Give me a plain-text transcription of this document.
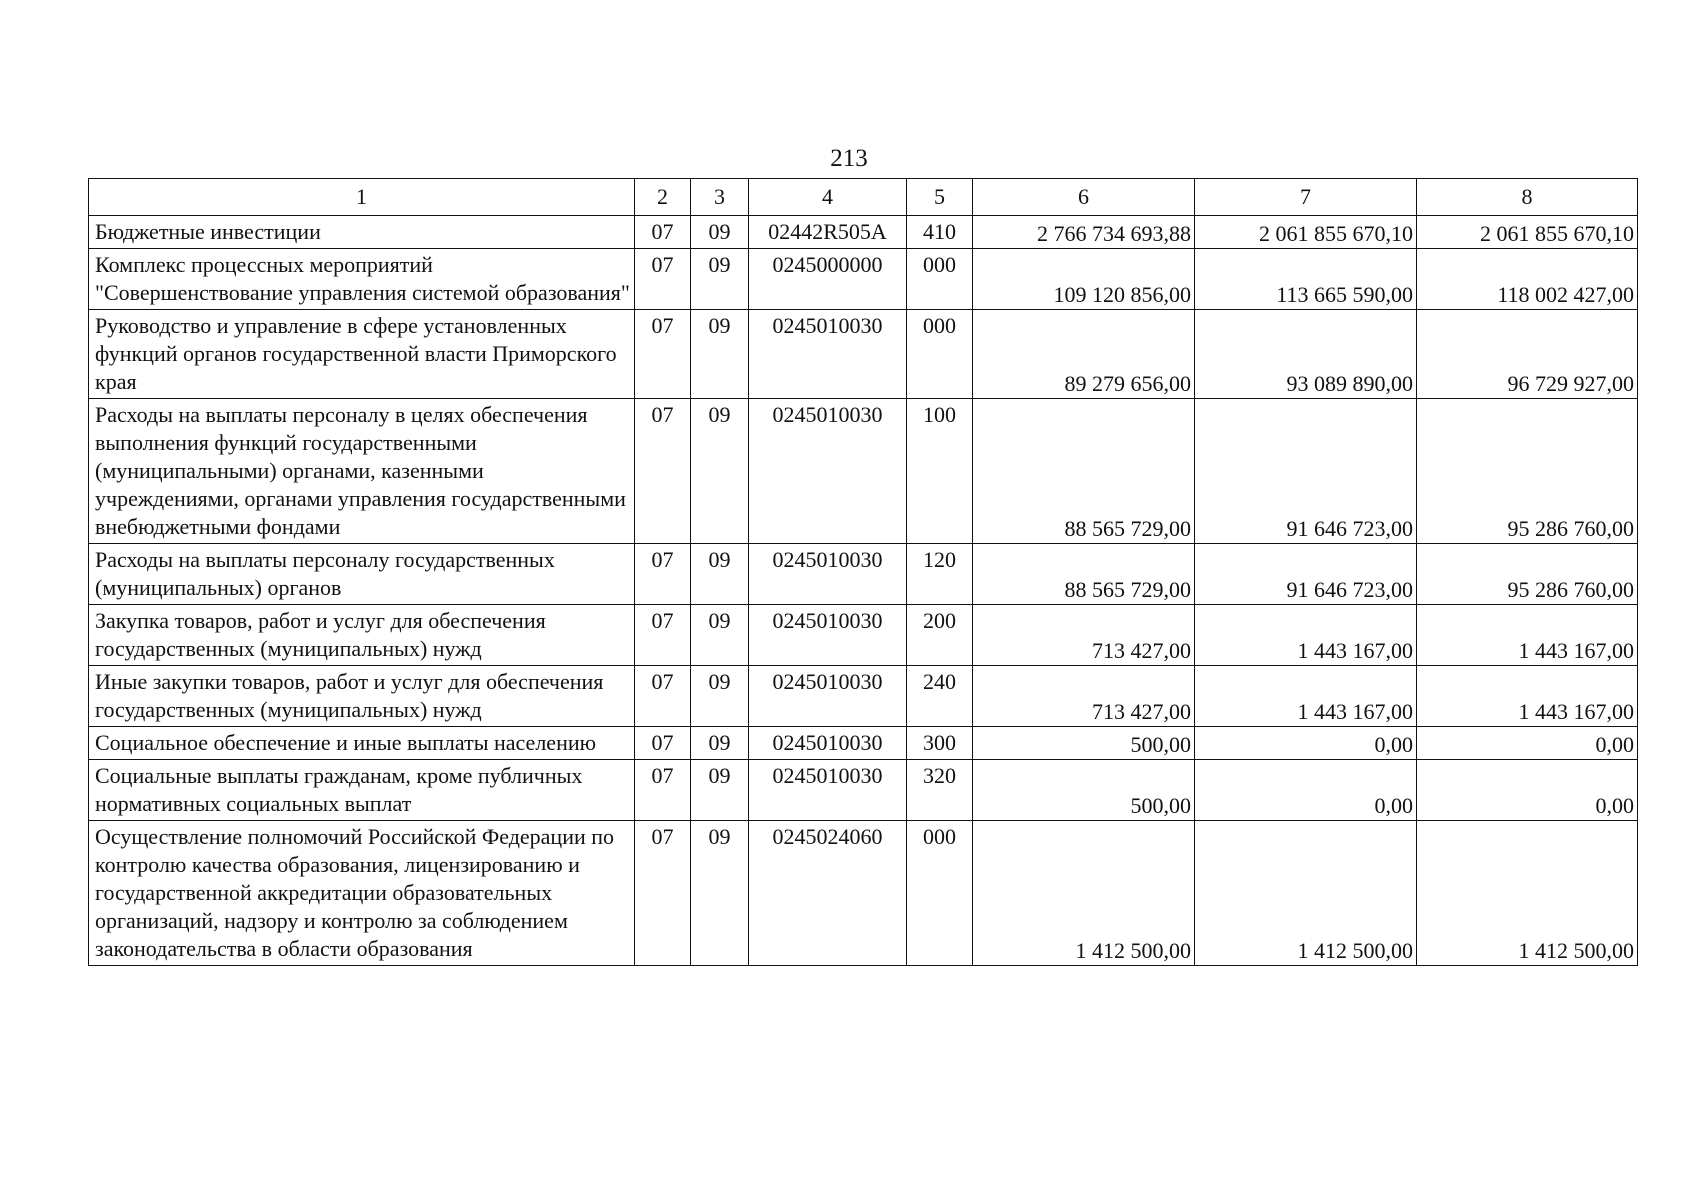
213
1	2	3	4	5	6	7	8
Бюджетные инвестиции	07	09	02442R505A	410	2 766 734 693,88	2 061 855 670,10	2 061 855 670,10
Комплекс процессных мероприятий "Совершенствование управления системой образования"	07	09	0245000000	000	109 120 856,00	113 665 590,00	118 002 427,00
Руководство и управление в сфере установленных функций органов государственной власти Приморского края	07	09	0245010030	000	89 279 656,00	93 089 890,00	96 729 927,00
Расходы на выплаты персоналу в целях обеспечения выполнения функций государственными (муниципальными) органами, казенными учреждениями, органами управления государственными внебюджетными фондами	07	09	0245010030	100	88 565 729,00	91 646 723,00	95 286 760,00
Расходы на выплаты персоналу государственных (муниципальных) органов	07	09	0245010030	120	88 565 729,00	91 646 723,00	95 286 760,00
Закупка товаров, работ и услуг для обеспечения государственных (муниципальных) нужд	07	09	0245010030	200	713 427,00	1 443 167,00	1 443 167,00
Иные закупки товаров, работ и услуг для обеспечения государственных (муниципальных) нужд	07	09	0245010030	240	713 427,00	1 443 167,00	1 443 167,00
Социальное обеспечение и иные выплаты населению	07	09	0245010030	300	500,00	0,00	0,00
Социальные выплаты гражданам, кроме публичных нормативных социальных выплат	07	09	0245010030	320	500,00	0,00	0,00
Осуществление полномочий Российской Федерации по контролю качества образования, лицензированию и государственной аккредитации образовательных организаций, надзору и контролю за соблюдением законодательства в области образования	07	09	0245024060	000	1 412 500,00	1 412 500,00	1 412 500,00
